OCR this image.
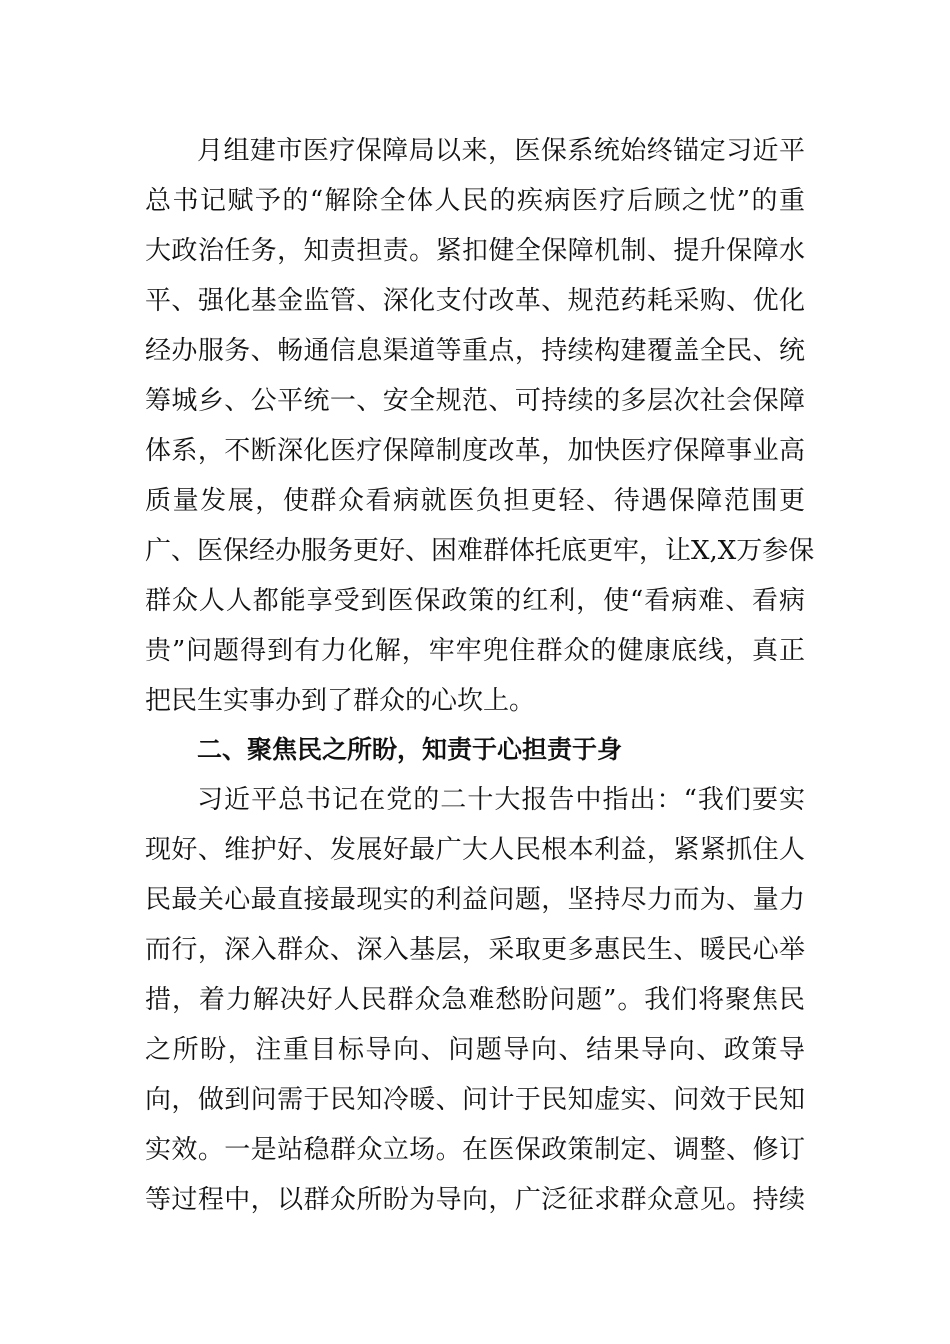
月组建市医疗保障局以来，医保系统始终锚定习近平
总书记赋予的“解除全体人民的疾病医疗后顾之忧”的重
大政治任务，知责担责。紧扣健全保障机制、提升保障水
平、强化基金监管、深化支付改革、规范药耗采购、优化
经办服务、畅通信息渠道等重点，持续构建覆盖全民、统
筹城乡、公平统一、安全规范、可持续的多层次社会保障
体系，不断深化医疗保障制度改革，加快医疗保障事业高
质量发展，使群众看病就医负担更轻、待遇保障范围更
广、医保经办服务更好、困难群体托底更牢，让X,X万参保
群众人人都能享受到医保政策的红利，使“看病难、看病
贵”问题得到有力化解，牢牢兜住群众的健康底线，真正
把民生实事办到了群众的心坎上。
二、聚焦民之所盼，知责于心担责于身
习近平总书记在党的二十大报告中指出：“我们要实
现好、维护好、发展好最广大人民根本利益，紧紧抓住人
民最关心最直接最现实的利益问题，坚持尽力而为、量力
而行，深入群众、深入基层，采取更多惠民生、暖民心举
措，着力解决好人民群众急难愁盼问题”。我们将聚焦民
之所盼，注重目标导向、问题导向、结果导向、政策导
向，做到问需于民知冷暖、问计于民知虚实、问效于民知
实效。一是站稳群众立场。在医保政策制定、调整、修订
等过程中，以群众所盼为导向，广泛征求群众意见。持续
